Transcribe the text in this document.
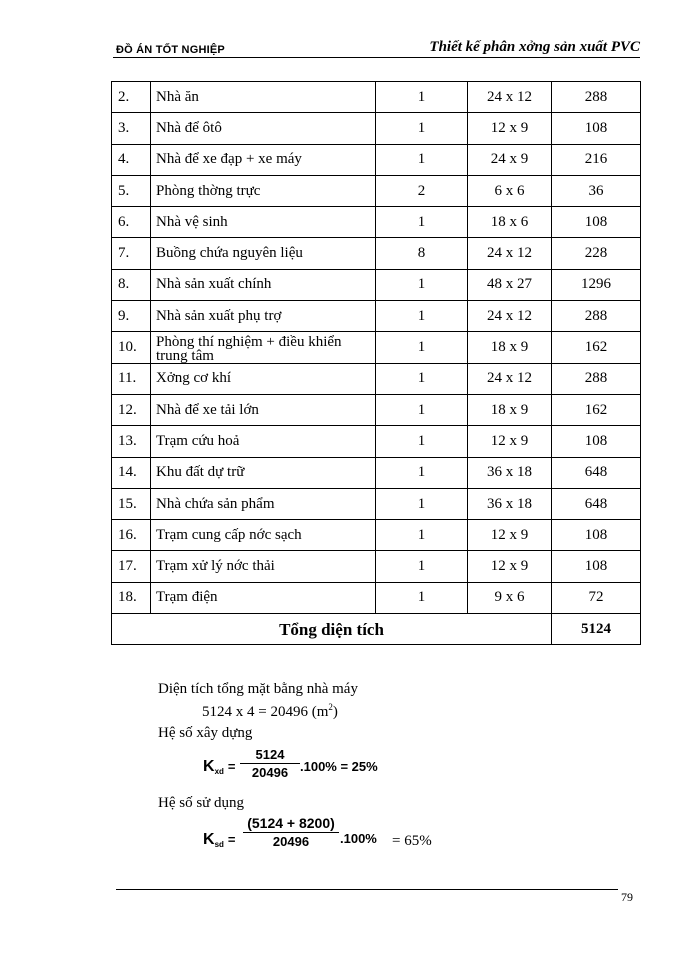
ĐỒ ÁN TỐT NGHIỆP	Thiết kế phân xởng sản xuất PVC
2.	Nhà ăn	1	24 x 12	288
3.	Nhà để ôtô	1	12 x 9	108
4.	Nhà để xe đạp + xe máy	1	24 x 9	216
5.	Phòng thờng trực	2	6 x 6	36
6.	Nhà vệ sinh	1	18 x 6	108
7.	Buồng chứa nguyên liệu	8	24 x 12	228
8.	Nhà sản xuất chính	1	48 x 27	1296
9.	Nhà sản xuất phụ trợ	1	24 x 12	288
10.	Phòng thí nghiệm + điều khiển trung tâm	1	18 x 9	162
11.	Xởng cơ khí	1	24 x 12	288
12.	Nhà để xe tải lớn	1	18 x 9	162
13.	Trạm cứu hoả	1	12 x 9	108
14.	Khu đất dự trữ	1	36 x 18	648
15.	Nhà chứa sản phẩm	1	36 x 18	648
16.	Trạm cung cấp nớc sạch	1	12 x 9	108
17.	Trạm xử lý nớc thải	1	12 x 9	108
18.	Trạm điện	1	9 x 6	72
Tổng diện tích				5124
Diện tích tổng mặt bằng nhà máy
5124 x 4 = 20496 $(m^2)$
Hệ số xây dựng
$K_{xd}$ =
5124
20496 .100% = 25%
Hệ số sử dụng
$K_{sd}$ =
(5124 + 8200)
20496	.100% = 65%
79
